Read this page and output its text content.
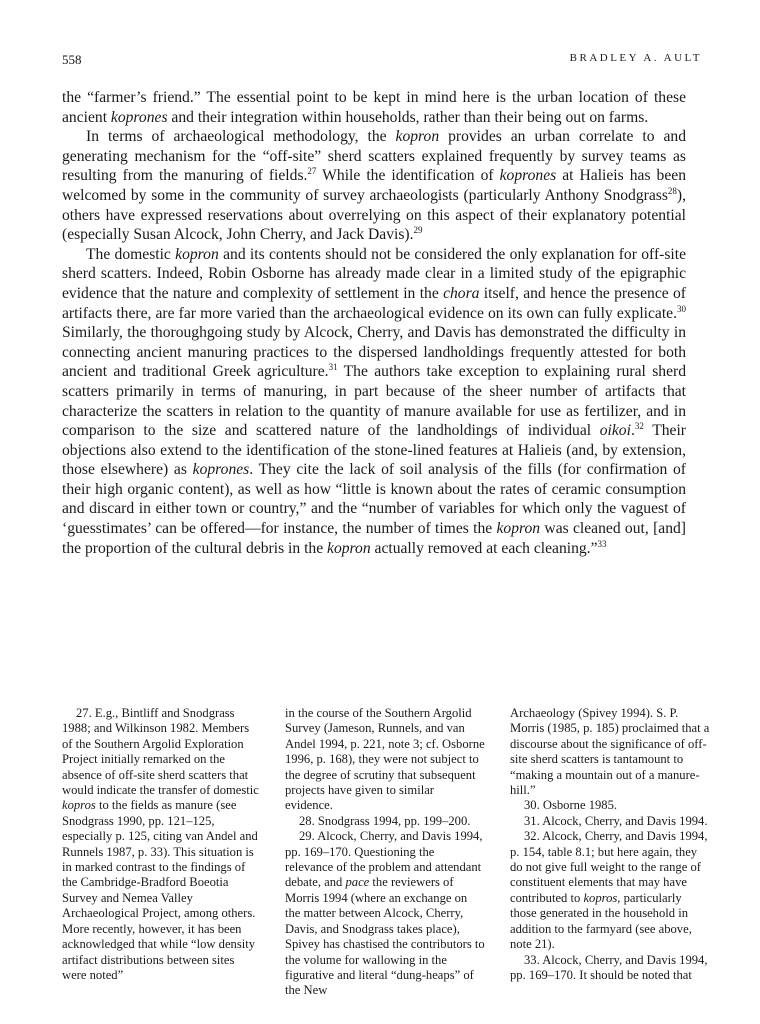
558	BRADLEY A. AULT

the “farmer’s friend.” The essential point to be kept in mind here is the urban location of these ancient koprones and their integration within households, rather than their being out on farms.

In terms of archaeological methodology, the kopron provides an urban correlate to and generating mechanism for the “off-site” sherd scatters explained frequently by survey teams as resulting from the manuring of fields.$^{27}$ While the identification of koprones at Halieis has been welcomed by some in the community of survey archaeologists (particularly Anthony Snodgrass$^{28}$), others have expressed reservations about overrelying on this aspect of their explanatory potential (especially Susan Alcock, John Cherry, and Jack Davis).$^{29}$

The domestic kopron and its contents should not be considered the only explanation for off-site sherd scatters. Indeed, Robin Osborne has already made clear in a limited study of the epigraphic evidence that the nature and complexity of settlement in the chora itself, and hence the presence of artifacts there, are far more varied than the archaeological evidence on its own can fully explicate.$^{30}$ Similarly, the thoroughgoing study by Alcock, Cherry, and Davis has demonstrated the difficulty in connecting ancient manuring practices to the dispersed landholdings frequently attested for both ancient and traditional Greek agriculture.$^{31}$ The authors take exception to explaining rural sherd scatters primarily in terms of manuring, in part because of the sheer number of artifacts that characterize the scatters in relation to the quantity of manure available for use as fertilizer, and in comparison to the size and scattered nature of the landholdings of individual oikoi.$^{32}$ Their objections also extend to the identification of the stone-lined features at Halieis (and, by extension, those elsewhere) as koprones. They cite the lack of soil analysis of the fills (for confirmation of their high organic content), as well as how “little is known about the rates of ceramic consumption and discard in either town or country,” and the “number of variables for which only the vaguest of ‘guesstimates’ can be offered—for instance, the number of times the kopron was cleaned out, [and] the proportion of the cultural debris in the kopron actually removed at each cleaning.”$^{33}$

27. E.g., Bintliff and Snodgrass 1988; and Wilkinson 1982. Members of the Southern Argolid Exploration Project initially remarked on the absence of off-site sherd scatters that would indicate the transfer of domestic kopros to the fields as manure (see Snodgrass 1990, pp. 121–125, especially p. 125, citing van Andel and Runnels 1987, p. 33). This situation is in marked contrast to the findings of the Cambridge-Bradford Boeotia Survey and Nemea Valley Archaeological Project, among others. More recently, however, it has been acknowledged that while “low density artifact distributions between sites were noted”

in the course of the Southern Argolid Survey (Jameson, Runnels, and van Andel 1994, p. 221, note 3; cf. Osborne 1996, p. 168), they were not subject to the degree of scrutiny that subsequent projects have given to similar evidence.

28. Snodgrass 1994, pp. 199–200.

29. Alcock, Cherry, and Davis 1994, pp. 169–170. Questioning the relevance of the problem and attendant debate, and pace the reviewers of Morris 1994 (where an exchange on the matter between Alcock, Cherry, Davis, and Snodgrass takes place), Spivey has chastised the contributors to the volume for wallowing in the figurative and literal “dung-heaps” of the New

Archaeology (Spivey 1994). S. P. Morris (1985, p. 185) proclaimed that a discourse about the significance of off-site sherd scatters is tantamount to “making a mountain out of a manure-hill.”

30. Osborne 1985.

31. Alcock, Cherry, and Davis 1994.

32. Alcock, Cherry, and Davis 1994, p. 154, table 8.1; but here again, they do not give full weight to the range of constituent elements that may have contributed to kopros, particularly those generated in the household in addition to the farmyard (see above, note 21).

33. Alcock, Cherry, and Davis 1994, pp. 169–170. It should be noted that
